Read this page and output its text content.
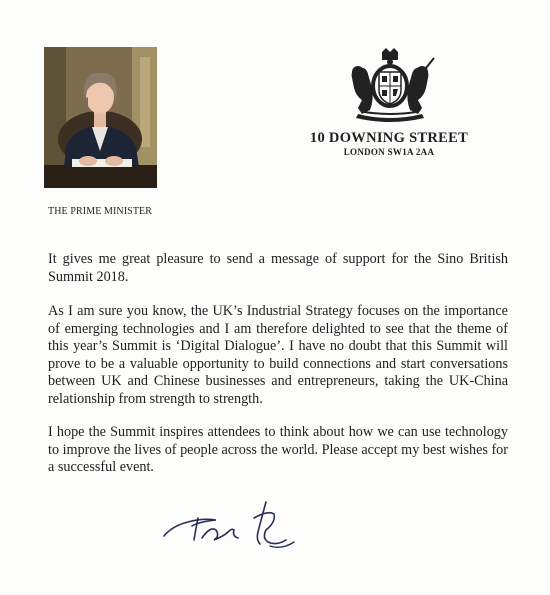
10 DOWNING STREET
LONDON SW1A 2AA
THE PRIME MINISTER

It gives me great pleasure to send a message of support for the Sino British Summit 2018.

As I am sure you know, the UK’s Industrial Strategy focuses on the importance of emerging technologies and I am therefore delighted to see that the theme of this year’s Summit is ‘Digital Dialogue’. I have no doubt that this Summit will prove to be a valuable opportunity to build connections and start conversations between UK and Chinese businesses and entrepreneurs, taking the UK-China relationship from strength to strength.

I hope the Summit inspires attendees to think about how we can use technology to improve the lives of people across the world. Please accept my best wishes for a successful event.
